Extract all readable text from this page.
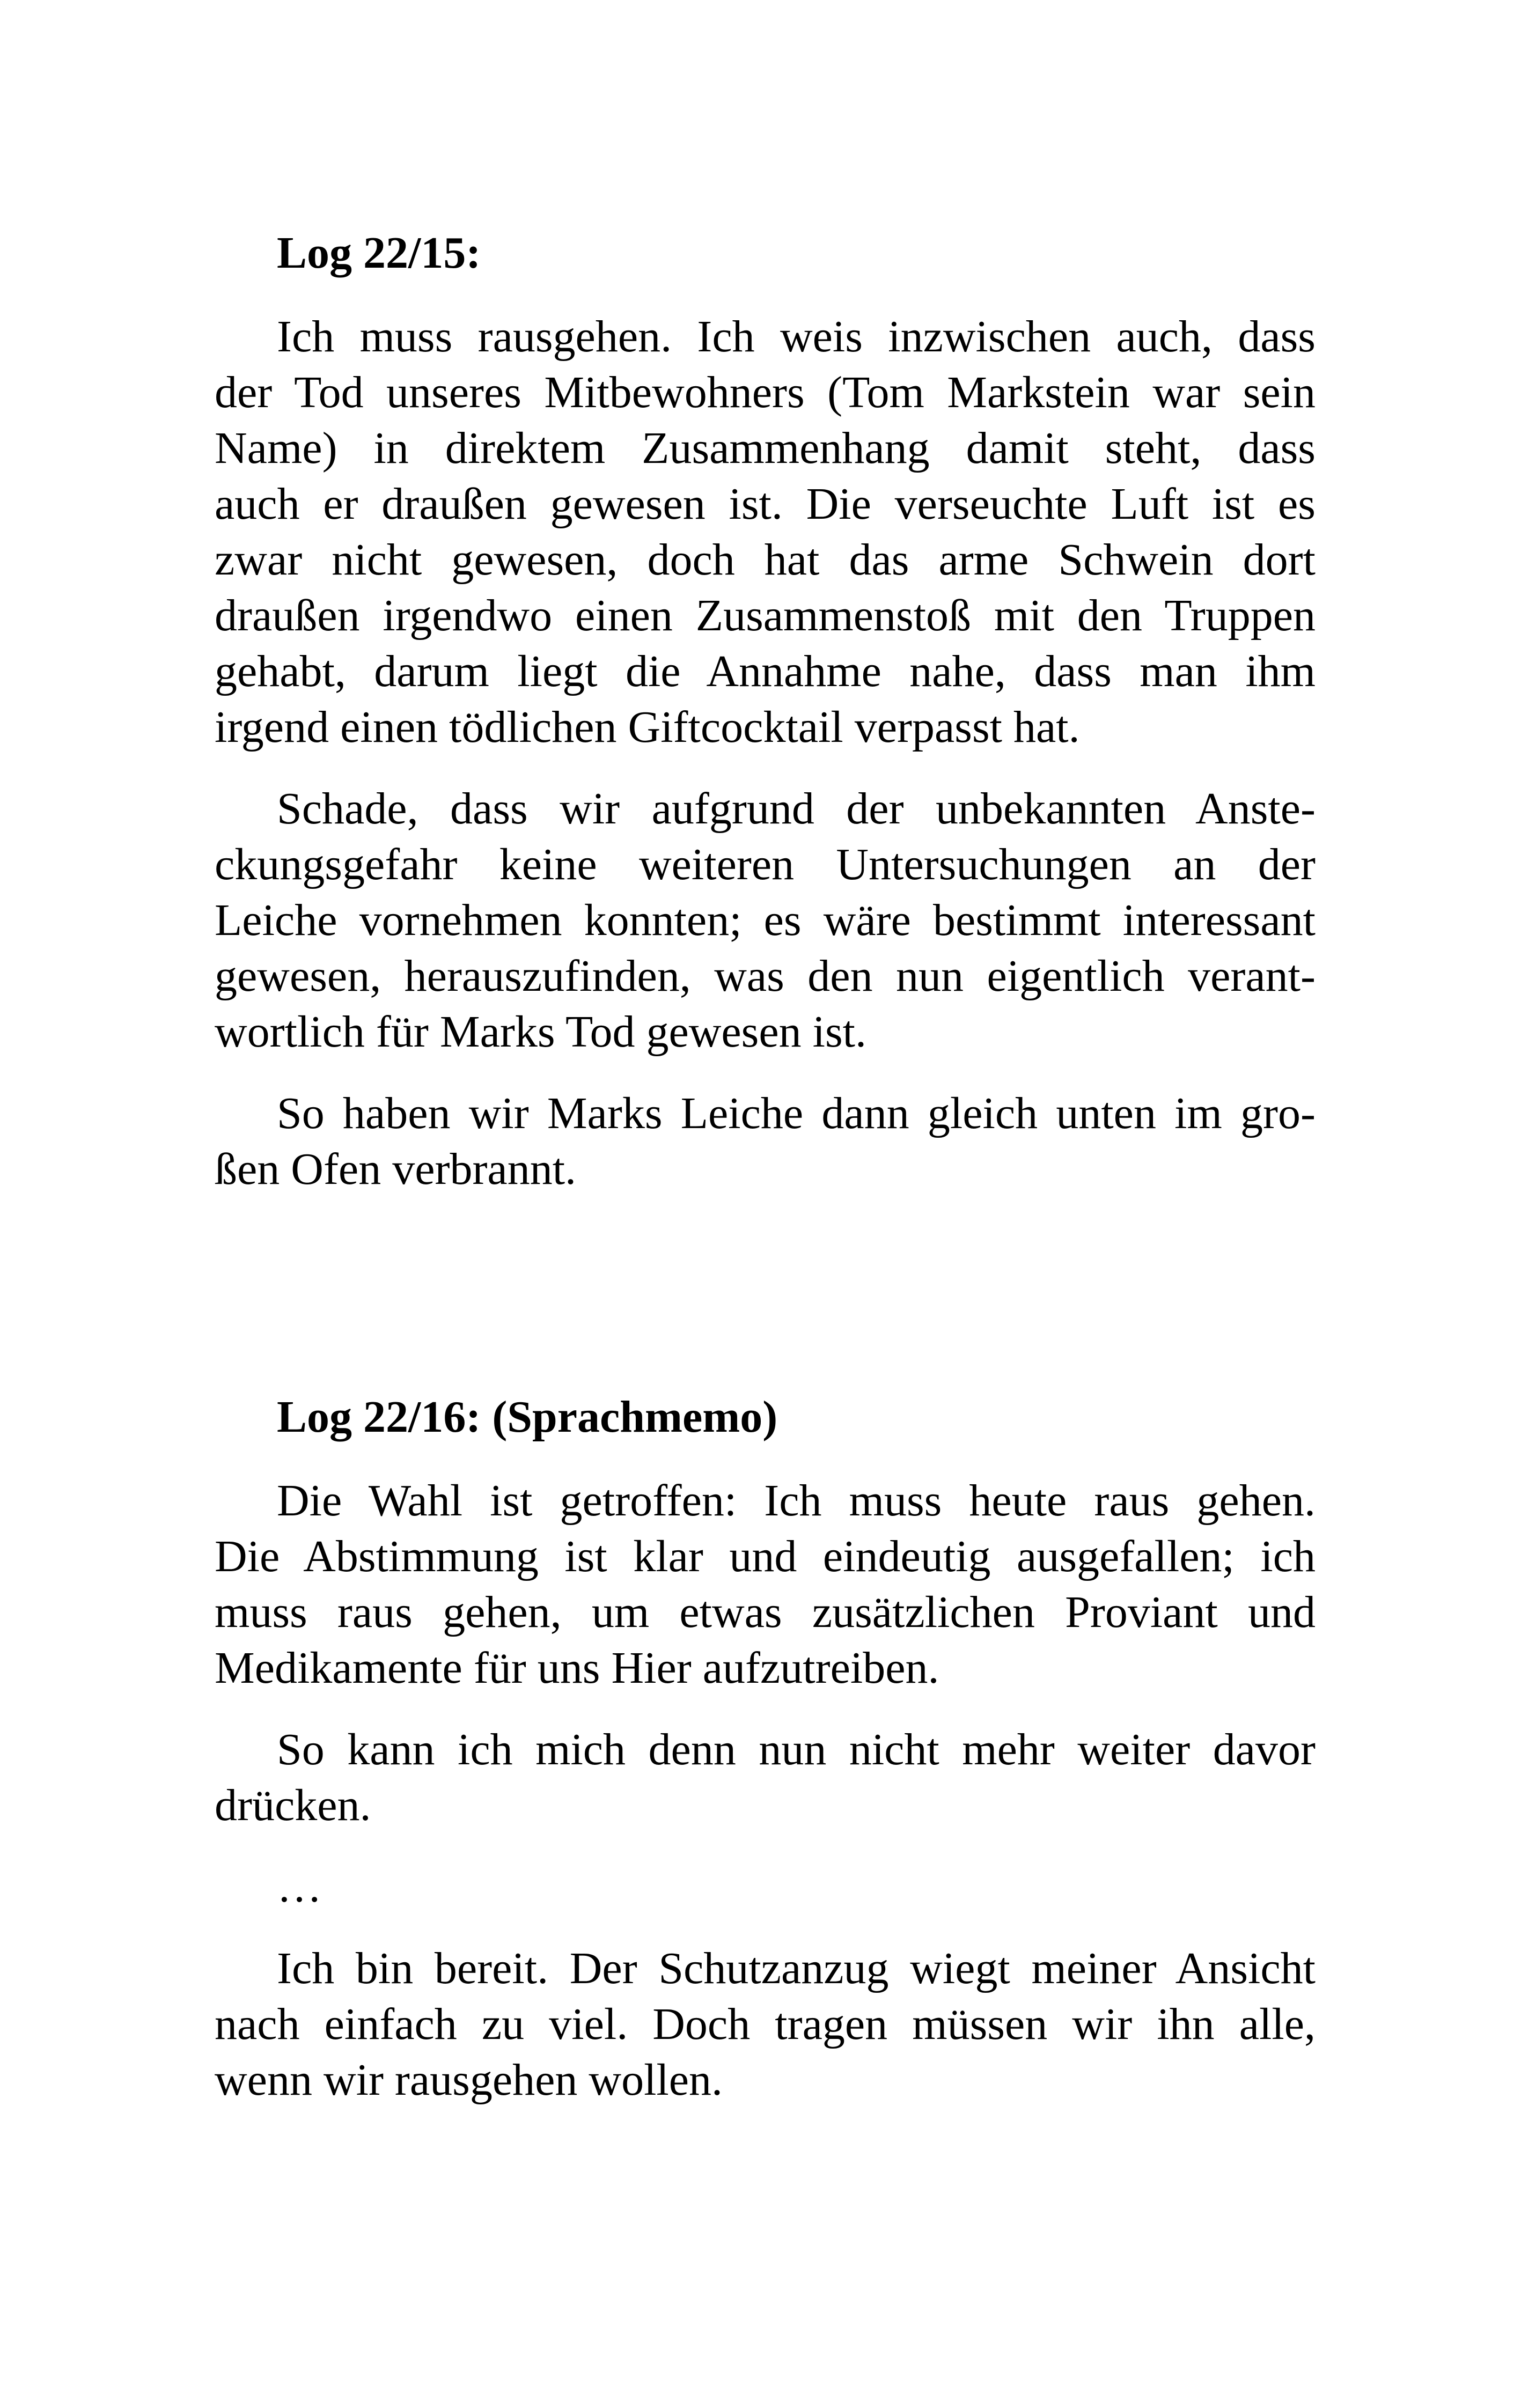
Log 22/15:
Ich muss rausgehen. Ich weis inzwischen auch, dass
der Tod unseres Mitbewohners (Tom Markstein war sein
Name) in direktem Zusammenhang damit steht, dass
auch er draußen gewesen ist. Die verseuchte Luft ist es
zwar nicht gewesen, doch hat das arme Schwein dort
draußen irgendwo einen Zusammenstoß mit den Truppen
gehabt, darum liegt die Annahme nahe, dass man ihm
irgend einen tödlichen Giftcocktail verpasst hat.
Schade, dass wir aufgrund der unbekannten Anste-
ckungsgefahr keine weiteren Untersuchungen an der
Leiche vornehmen konnten; es wäre bestimmt interessant
gewesen, herauszufinden, was den nun eigentlich verant-
wortlich für Marks Tod gewesen ist.
So haben wir Marks Leiche dann gleich unten im gro-
ßen Ofen verbrannt.
Log 22/16: (Sprachmemo)
Die Wahl ist getroffen: Ich muss heute raus gehen.
Die Abstimmung ist klar und eindeutig ausgefallen; ich
muss raus gehen, um etwas zusätzlichen Proviant und
Medikamente für uns Hier aufzutreiben.
So kann ich mich denn nun nicht mehr weiter davor
drücken.
…
Ich bin bereit. Der Schutzanzug wiegt meiner Ansicht
nach einfach zu viel. Doch tragen müssen wir ihn alle,
wenn wir rausgehen wollen.
